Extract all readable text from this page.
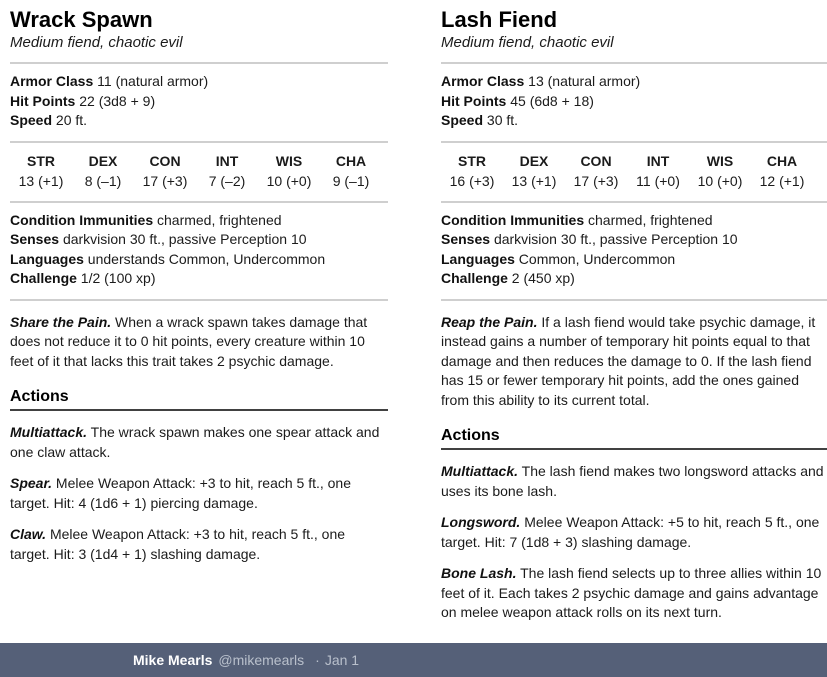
Mike Mearls @mikemearls · Jan 1
Wrack Spawn
Medium fiend, chaotic evil

Armor Class 11 (natural armor)

Hit Points 22 (3d8 + 9)

Speed 20 ft.

STR
13 (+1)
DEX
8 (–1)
CON
17 (+3)
INT
7 (–2)
WIS
10 (+0)
CHA
9 (–1)

Condition Immunities charmed, frightened

Senses darkvision 30 ft., passive Perception 10

Languages understands Common, Undercommon

Challenge 1/2 (100 xp)

Share the Pain. When a wrack spawn takes damage that does not reduce it to 0 hit points, every creature within 10 feet of it that lacks this trait takes 2 psychic damage.

Actions

Multiattack. The wrack spawn makes one spear attack and one claw attack.

Spear. Melee Weapon Attack: +3 to hit, reach 5 ft., one target. Hit: 4 (1d6 + 1) piercing damage.

Claw. Melee Weapon Attack: +3 to hit, reach 5 ft., one target. Hit: 3 (1d4 + 1) slashing damage.

Lash Fiend
Medium fiend, chaotic evil

Armor Class 13 (natural armor)

Hit Points 45 (6d8 + 18)

Speed 30 ft.

STR
16 (+3)
DEX
13 (+1)
CON
17 (+3)
INT
11 (+0)
WIS
10 (+0)
CHA
12 (+1)

Condition Immunities charmed, frightened

Senses darkvision 30 ft., passive Perception 10

Languages Common, Undercommon

Challenge 2 (450 xp)

Reap the Pain. If a lash fiend would take psychic damage, it instead gains a number of temporary hit points equal to that damage and then reduces the damage to 0. If the lash fiend has 15 or fewer temporary hit points, add the ones gained from this ability to its current total.

Actions

Multiattack. The lash fiend makes two longsword attacks and uses its bone lash.

Longsword. Melee Weapon Attack: +5 to hit, reach 5 ft., one target. Hit: 7 (1d8 + 3) slashing damage.

Bone Lash. The lash fiend selects up to three allies within 10 feet of it. Each takes 2 psychic damage and gains advantage on melee weapon attack rolls on its next turn.
